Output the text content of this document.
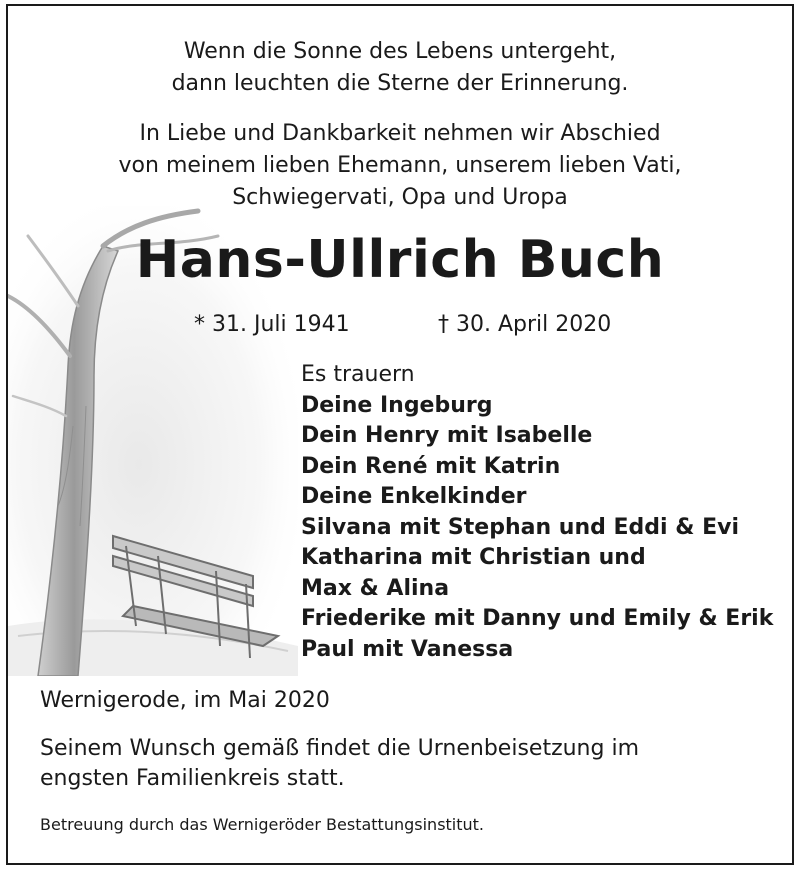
Wenn die Sonne des Lebens untergeht,
dann leuchten die Sterne der Erinnerung.
In Liebe und Dankbarkeit nehmen wir Abschied
von meinem lieben Ehemann, unserem lieben Vati,
Schwiegervati, Opa und Uropa
Hans-Ullrich Buch
* 31. Juli 1941	† 30. April 2020
Es trauern
Deine Ingeburg
Dein Henry mit Isabelle
Dein René mit Katrin
Deine Enkelkinder
Silvana mit Stephan und Eddi & Evi
Katharina mit Christian und
Max & Alina
Friederike mit Danny und Emily & Erik
Paul mit Vanessa
Wernigerode, im Mai 2020
Seinem Wunsch gemäß findet die Urnenbeisetzung im
engsten Familienkreis statt.
Betreuung durch das Wernigeröder Bestattungsinstitut.
